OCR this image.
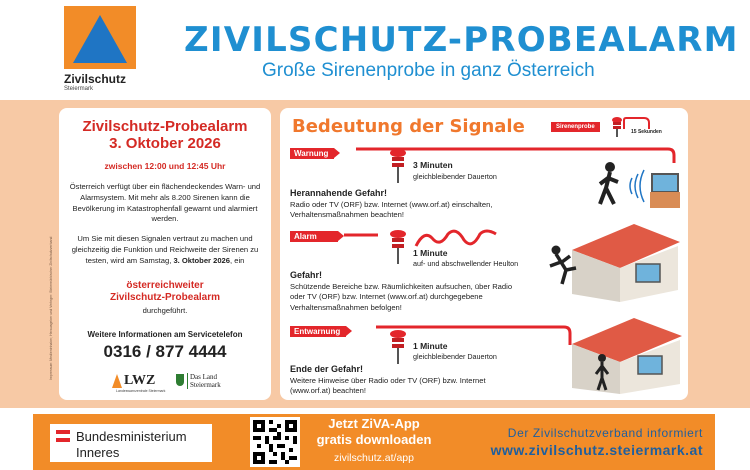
Zivilschutz
Steiermark
ZIVILSCHUTZ-PROBEALARM
Große Sirenenprobe in ganz Österreich
Impressum: Medieninhaber, Herausgeber und Verleger: Steiermärkischer Zivilschutzverband
Zivilschutz-Probealarm
3. Oktober 2026
zwischen 12:00 und 12:45 Uhr
Österreich verfügt über ein flächendeckendes Warn- und Alarmsystem. Mit mehr als 8.200 Sirenen kann die Bevölkerung im Katastrophenfall gewarnt und alarmiert werden.
Um Sie mit diesen Signalen vertraut zu machen und gleichzeitig die Funktion und Reichweite der Sirenen zu testen, wird am Samstag, 3. Oktober 2026, ein
österreichweiter
Zivilschutz-Probealarm
durchgeführt.
Weitere Informationen am Servicetelefon
0316 / 877 4444
LWZ
Landeswarnzentrale Steiermark
Das Land
Steiermark
Bedeutung der Signale	Sirenenprobe
15 Sekunden
Warnung
3 Minuten
gleichbleibender Dauerton
Herannahende Gefahr!
Radio oder TV (ORF) bzw. Internet (www.orf.at) einschalten, Verhaltensmaßnahmen beachten!
Alarm
1 Minute
auf- und abschwellender Heulton
Gefahr!
Schützende Bereiche bzw. Räumlichkeiten aufsuchen, über Radio oder TV (ORF) bzw. Internet (www.orf.at) durchgegebene Verhaltensmaßnahmen befolgen!
Entwarnung
1 Minute
gleichbleibender Dauerton
Ende der Gefahr!
Weitere Hinweise über Radio oder TV (ORF) bzw. Internet (www.orf.at) beachten!
Bundesministerium
Inneres
Jetzt ZiVA-App
gratis downloaden
zivilschutz.at/app
Der Zivilschutzverband informiert
www.zivilschutz.steiermark.at
